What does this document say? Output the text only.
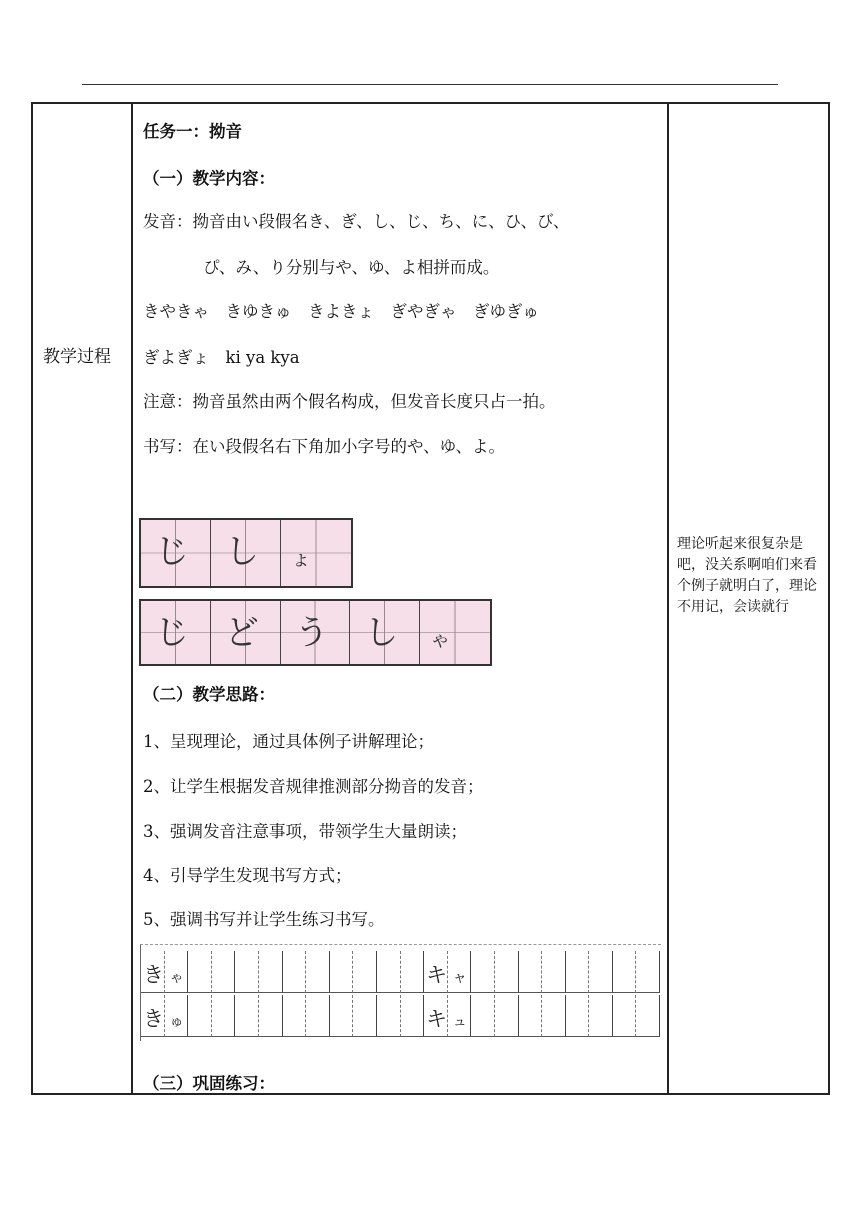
教学过程
理论听起来很复杂是吧，没关系啊咱们来看个例子就明白了，理论不用记，会读就行
任务一：拗音
（一）教学内容：
发音：拗音由い段假名き、ぎ、し、じ、ち、に、ひ、び、
ぴ、み、り分别与や、ゆ、よ相拼而成。
きやきゃ　きゆきゅ　きよきょ　ぎやぎゃ　ぎゆぎゅ
ぎよぎょ　ki ya kya
注意：拗音虽然由两个假名构成，但发音长度只占一拍。
书写：在い段假名右下角加小字号的や、ゆ、よ。
（二）教学思路：
1、呈现理论，通过具体例子讲解理论；
2、让学生根据发音规律推测部分拗音的发音；
3、强调发音注意事项，带领学生大量朗读；
4、引导学生发现书写方式；
5、强调书写并让学生练习书写。
（三）巩固练习：
じ し ょ
じ ど う し ゃ
き ゃ	キ ャ
き ゅ	キ ュ
